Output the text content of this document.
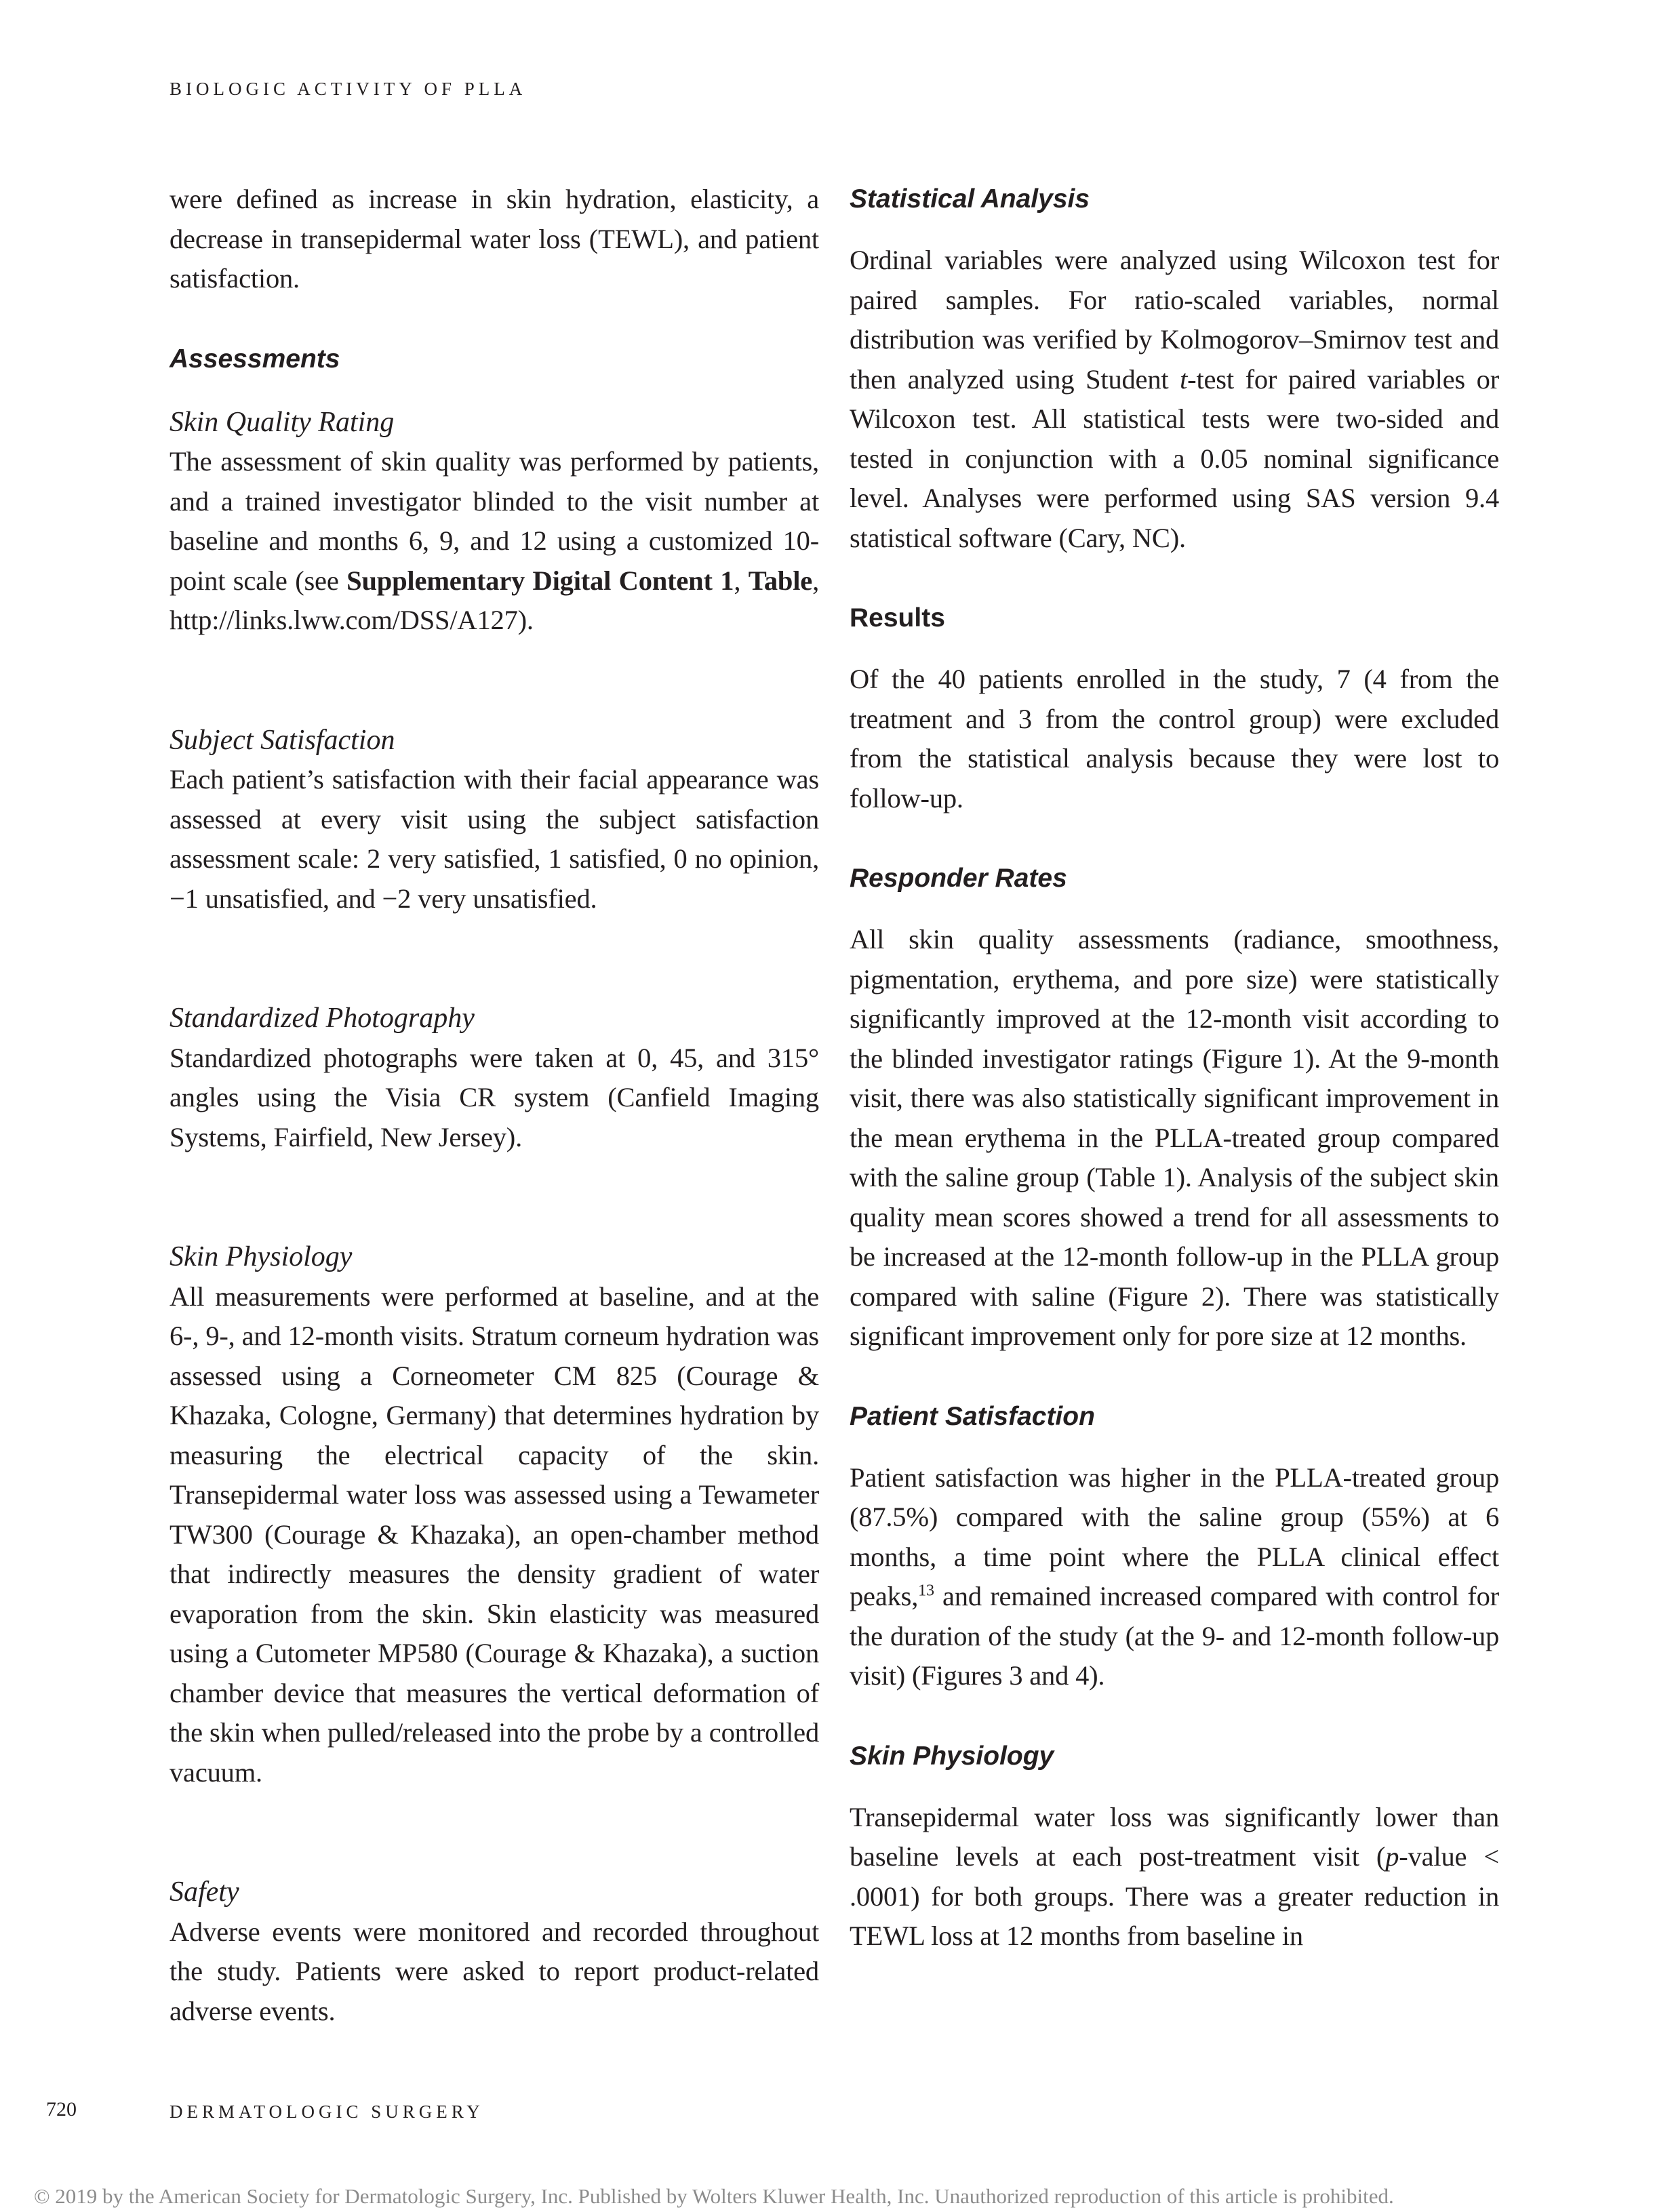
BIOLOGIC ACTIVITY OF PLLA

were defined as increase in skin hydration, elasticity, a decrease in transepidermal water loss (TEWL), and patient satisfaction.

Assessments
Skin Quality Rating

The assessment of skin quality was performed by patients, and a trained investigator blinded to the visit number at baseline and months 6, 9, and 12 using a customized 10-point scale (see Supplementary Digital Content 1, Table, http://links.lww.com/DSS/A127).

Subject Satisfaction

Each patient’s satisfaction with their facial appearance was assessed at every visit using the subject satisfaction assessment scale: 2 very satisfied, 1 satisfied, 0 no opinion, −1 unsatisfied, and −2 very unsatisfied.

Standardized Photography

Standardized photographs were taken at 0, 45, and 315° angles using the Visia CR system (Canfield Imaging Systems, Fairfield, New Jersey).

Skin Physiology

All measurements were performed at baseline, and at the 6-, 9-, and 12-month visits. Stratum corneum hydration was assessed using a Corneometer CM 825 (Courage & Khazaka, Cologne, Germany) that determines hydration by measuring the electrical capacity of the skin. Transepidermal water loss was assessed using a Tewameter TW300 (Courage & Khazaka), an open-chamber method that indirectly measures the density gradient of water evaporation from the skin. Skin elasticity was measured using a Cutometer MP580 (Courage & Khazaka), a suction chamber device that measures the vertical deformation of the skin when pulled/released into the probe by a controlled vacuum.

Safety

Adverse events were monitored and recorded throughout the study. Patients were asked to report product-related adverse events.

Statistical Analysis

Ordinal variables were analyzed using Wilcoxon test for paired samples. For ratio-scaled variables, normal distribution was verified by Kolmogorov–Smirnov test and then analyzed using Student t-test for paired variables or Wilcoxon test. All statistical tests were two-sided and tested in conjunction with a 0.05 nominal significance level. Analyses were performed using SAS version 9.4 statistical software (Cary, NC).

Results

Of the 40 patients enrolled in the study, 7 (4 from the treatment and 3 from the control group) were excluded from the statistical analysis because they were lost to follow-up.

Responder Rates

All skin quality assessments (radiance, smoothness, pigmentation, erythema, and pore size) were statistically significantly improved at the 12-month visit according to the blinded investigator ratings (Figure 1). At the 9-month visit, there was also statistically significant improvement in the mean erythema in the PLLA-treated group compared with the saline group (Table 1). Analysis of the subject skin quality mean scores showed a trend for all assessments to be increased at the 12-month follow-up in the PLLA group compared with saline (Figure 2). There was statistically significant improvement only for pore size at 12 months.

Patient Satisfaction

Patient satisfaction was higher in the PLLA-treated group (87.5%) compared with the saline group (55%) at 6 months, a time point where the PLLA clinical effect peaks,$^{13}$ and remained increased compared with control for the duration of the study (at the 9- and 12-month follow-up visit) (Figures 3 and 4).

Skin Physiology

Transepidermal water loss was significantly lower than baseline levels at each post-treatment visit (p-value < .0001) for both groups. There was a greater reduction in TEWL loss at 12 months from baseline in

720	DERMATOLOGIC SURGERY
© 2019 by the American Society for Dermatologic Surgery, Inc. Published by Wolters Kluwer Health, Inc. Unauthorized reproduction of this article is prohibited.
